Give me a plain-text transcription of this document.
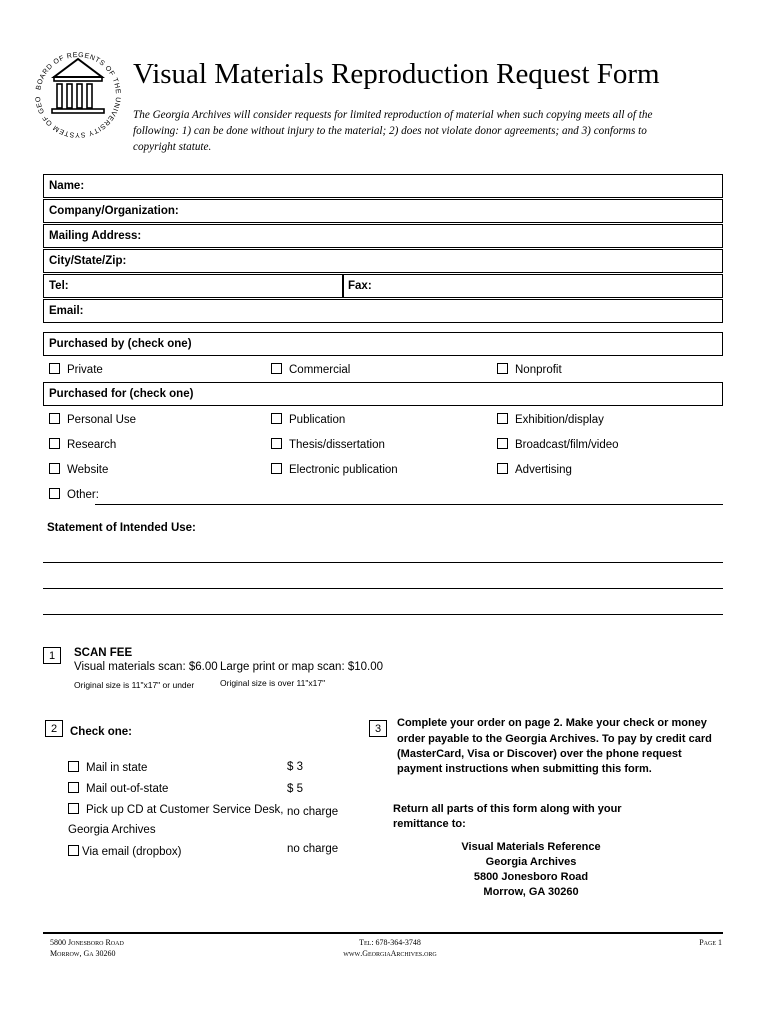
BOARD OF REGENTS OF THE UNIVERSITY SYSTEM OF GEO
Visual Materials Reproduction Request Form
The Georgia Archives will consider requests for limited reproduction of material when such copying meets all of the
following: 1) can be done without injury to the material; 2) does not violate donor agreements; and 3) conforms to
copyright statute.
Name:
Company/Organization:
Mailing Address:
City/State/Zip:
Tel:	Fax:
Email:
Purchased by (check one)
Private	Commercial	Nonprofit
Purchased for (check one)
Personal Use	Publication	Exhibition/display
Research	Thesis/dissertation	Broadcast/film/video
Website	Electronic publication	Advertising
Other:
Statement of Intended Use:
1	SCAN FEE
Visual materials scan: $6.00 Large print or map scan: $10.00
Original size is 11"x17" or under	Original size is over 11"x17"
2	Check one:
Mail in state	$ 3
Mail out-of-state	$ 5
Pick up CD at Customer Service Desk, no charge
Georgia Archives
Via email (dropbox)	no charge
3	Complete your order on page 2. Make your check or money
order payable to the Georgia Archives. To pay by credit card
(MasterCard, Visa or Discover) over the phone request
payment instructions when submitting this form.
Return all parts of this form along with your
remittance to:
Visual Materials Reference
Georgia Archives
5800 Jonesboro Road
Morrow, GA 30260
5800 Jonesboro Road
Morrow, Ga 30260
Tel: 678-364-3748
www.GeorgiaArchives.org
Page 1
